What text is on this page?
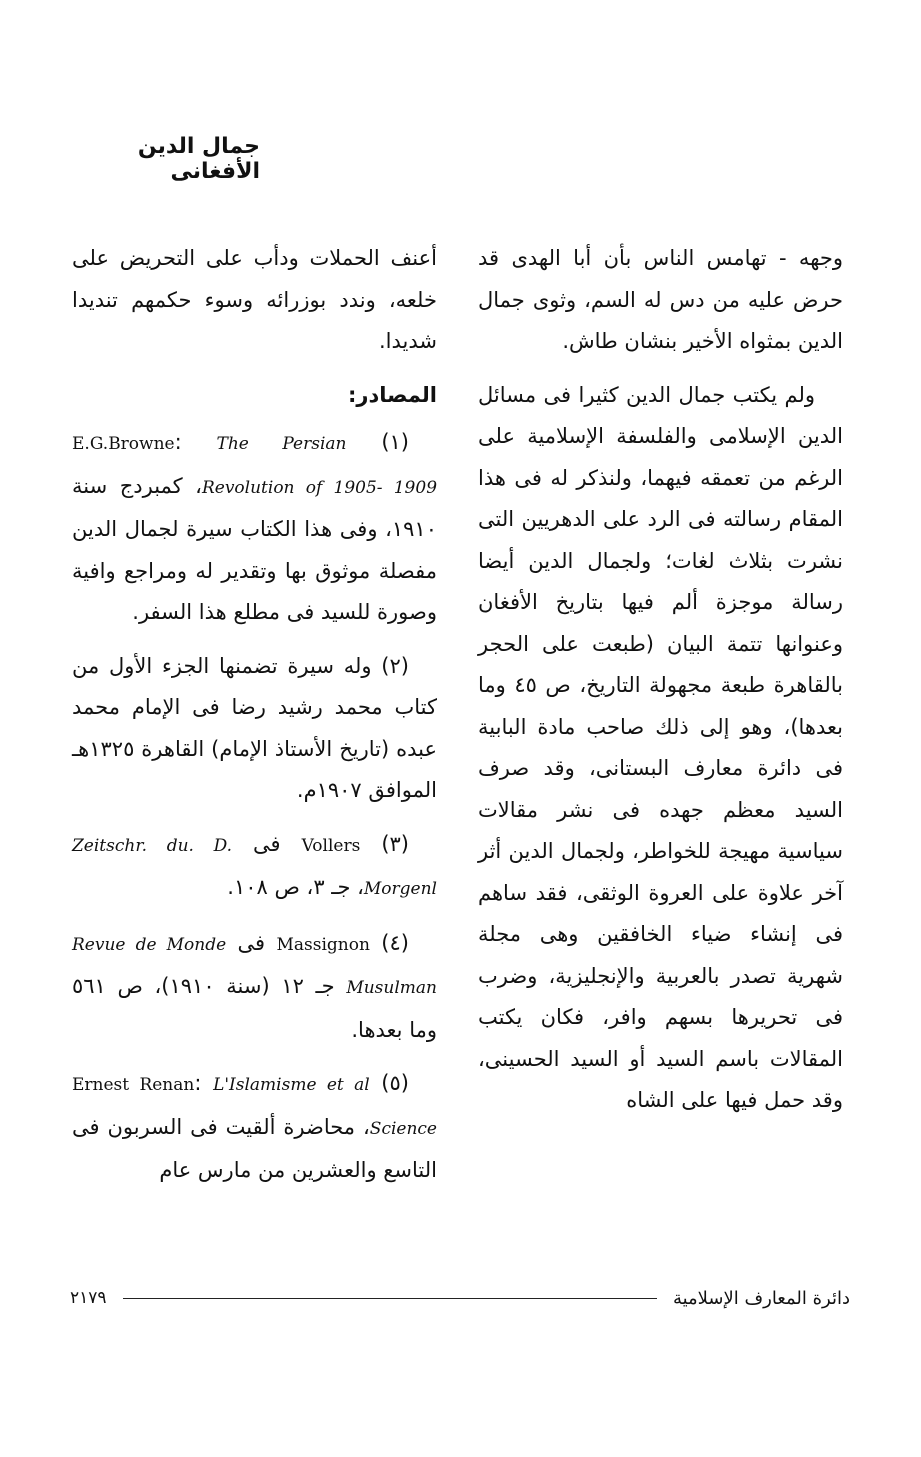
جمال الدين الأفغانى

وجهه - تهامس الناس بأن أبا الهدى قد حرض عليه من دس له السم، وثوى جمال الدين بمثواه الأخير بنشان طاش.

ولم يكتب جمال الدين كثيرا فى مسائل الدين الإسلامى والفلسفة الإسلامية على الرغم من تعمقه فيهما، ولنذكر له فى هذا المقام رسالته فى الرد على الدهريين التى نشرت بثلاث لغات؛ ولجمال الدين أيضا رسالة موجزة ألم فيها بتاريخ الأفغان وعنوانها تتمة البيان (طبعت على الحجر بالقاهرة طبعة مجهولة التاريخ، ص ٤٥ وما بعدها)، وهو إلى ذلك صاحب مادة البابية فى دائرة معارف البستانى، وقد صرف السيد معظم جهده فى نشر مقالات سياسية مهيجة للخواطر، ولجمال الدين أثر آخر علاوة على العروة الوثقى، فقد ساهم فى إنشاء ضياء الخافقين وهى مجلة شهرية تصدر بالعربية والإنجليزية، وضرب فى تحريرها بسهم وافر، فكان يكتب المقالات باسم السيد أو السيد الحسينى، وقد حمل فيها على الشاه

أعنف الحملات ودأب على التحريض على خلعه، وندد بوزرائه وسوء حكمهم تنديدا شديدا.

المصادر:

(١) E.G.Browne: The Persian Revolution of 1905- 1909، كمبردج سنة ١٩١٠، وفى هذا الكتاب سيرة لجمال الدين مفصلة موثوق بها وتقدير له ومراجع وافية وصورة للسيد فى مطلع هذا السفر.

(٢) وله سيرة تضمنها الجزء الأول من كتاب محمد رشيد رضا فى الإمام محمد عبده (تاريخ الأستاذ الإمام) القاهرة ١٣٢٥هـ الموافق ١٩٠٧م.

(٣) Vollers فى Zeitschr. du. D. Morgenl، جـ ٣، ص ١٠٨.

(٤) Massignon فى Revue de Monde Musulman جـ ١٢ (سنة ١٩١٠)، ص ٥٦١ وما بعدها.

(٥) Ernest Renan: L'Islamisme et al Science، محاضرة ألقيت فى السربون فى التاسع والعشرين من مارس عام

٢١٧٩	دائرة المعارف الإسلامية
